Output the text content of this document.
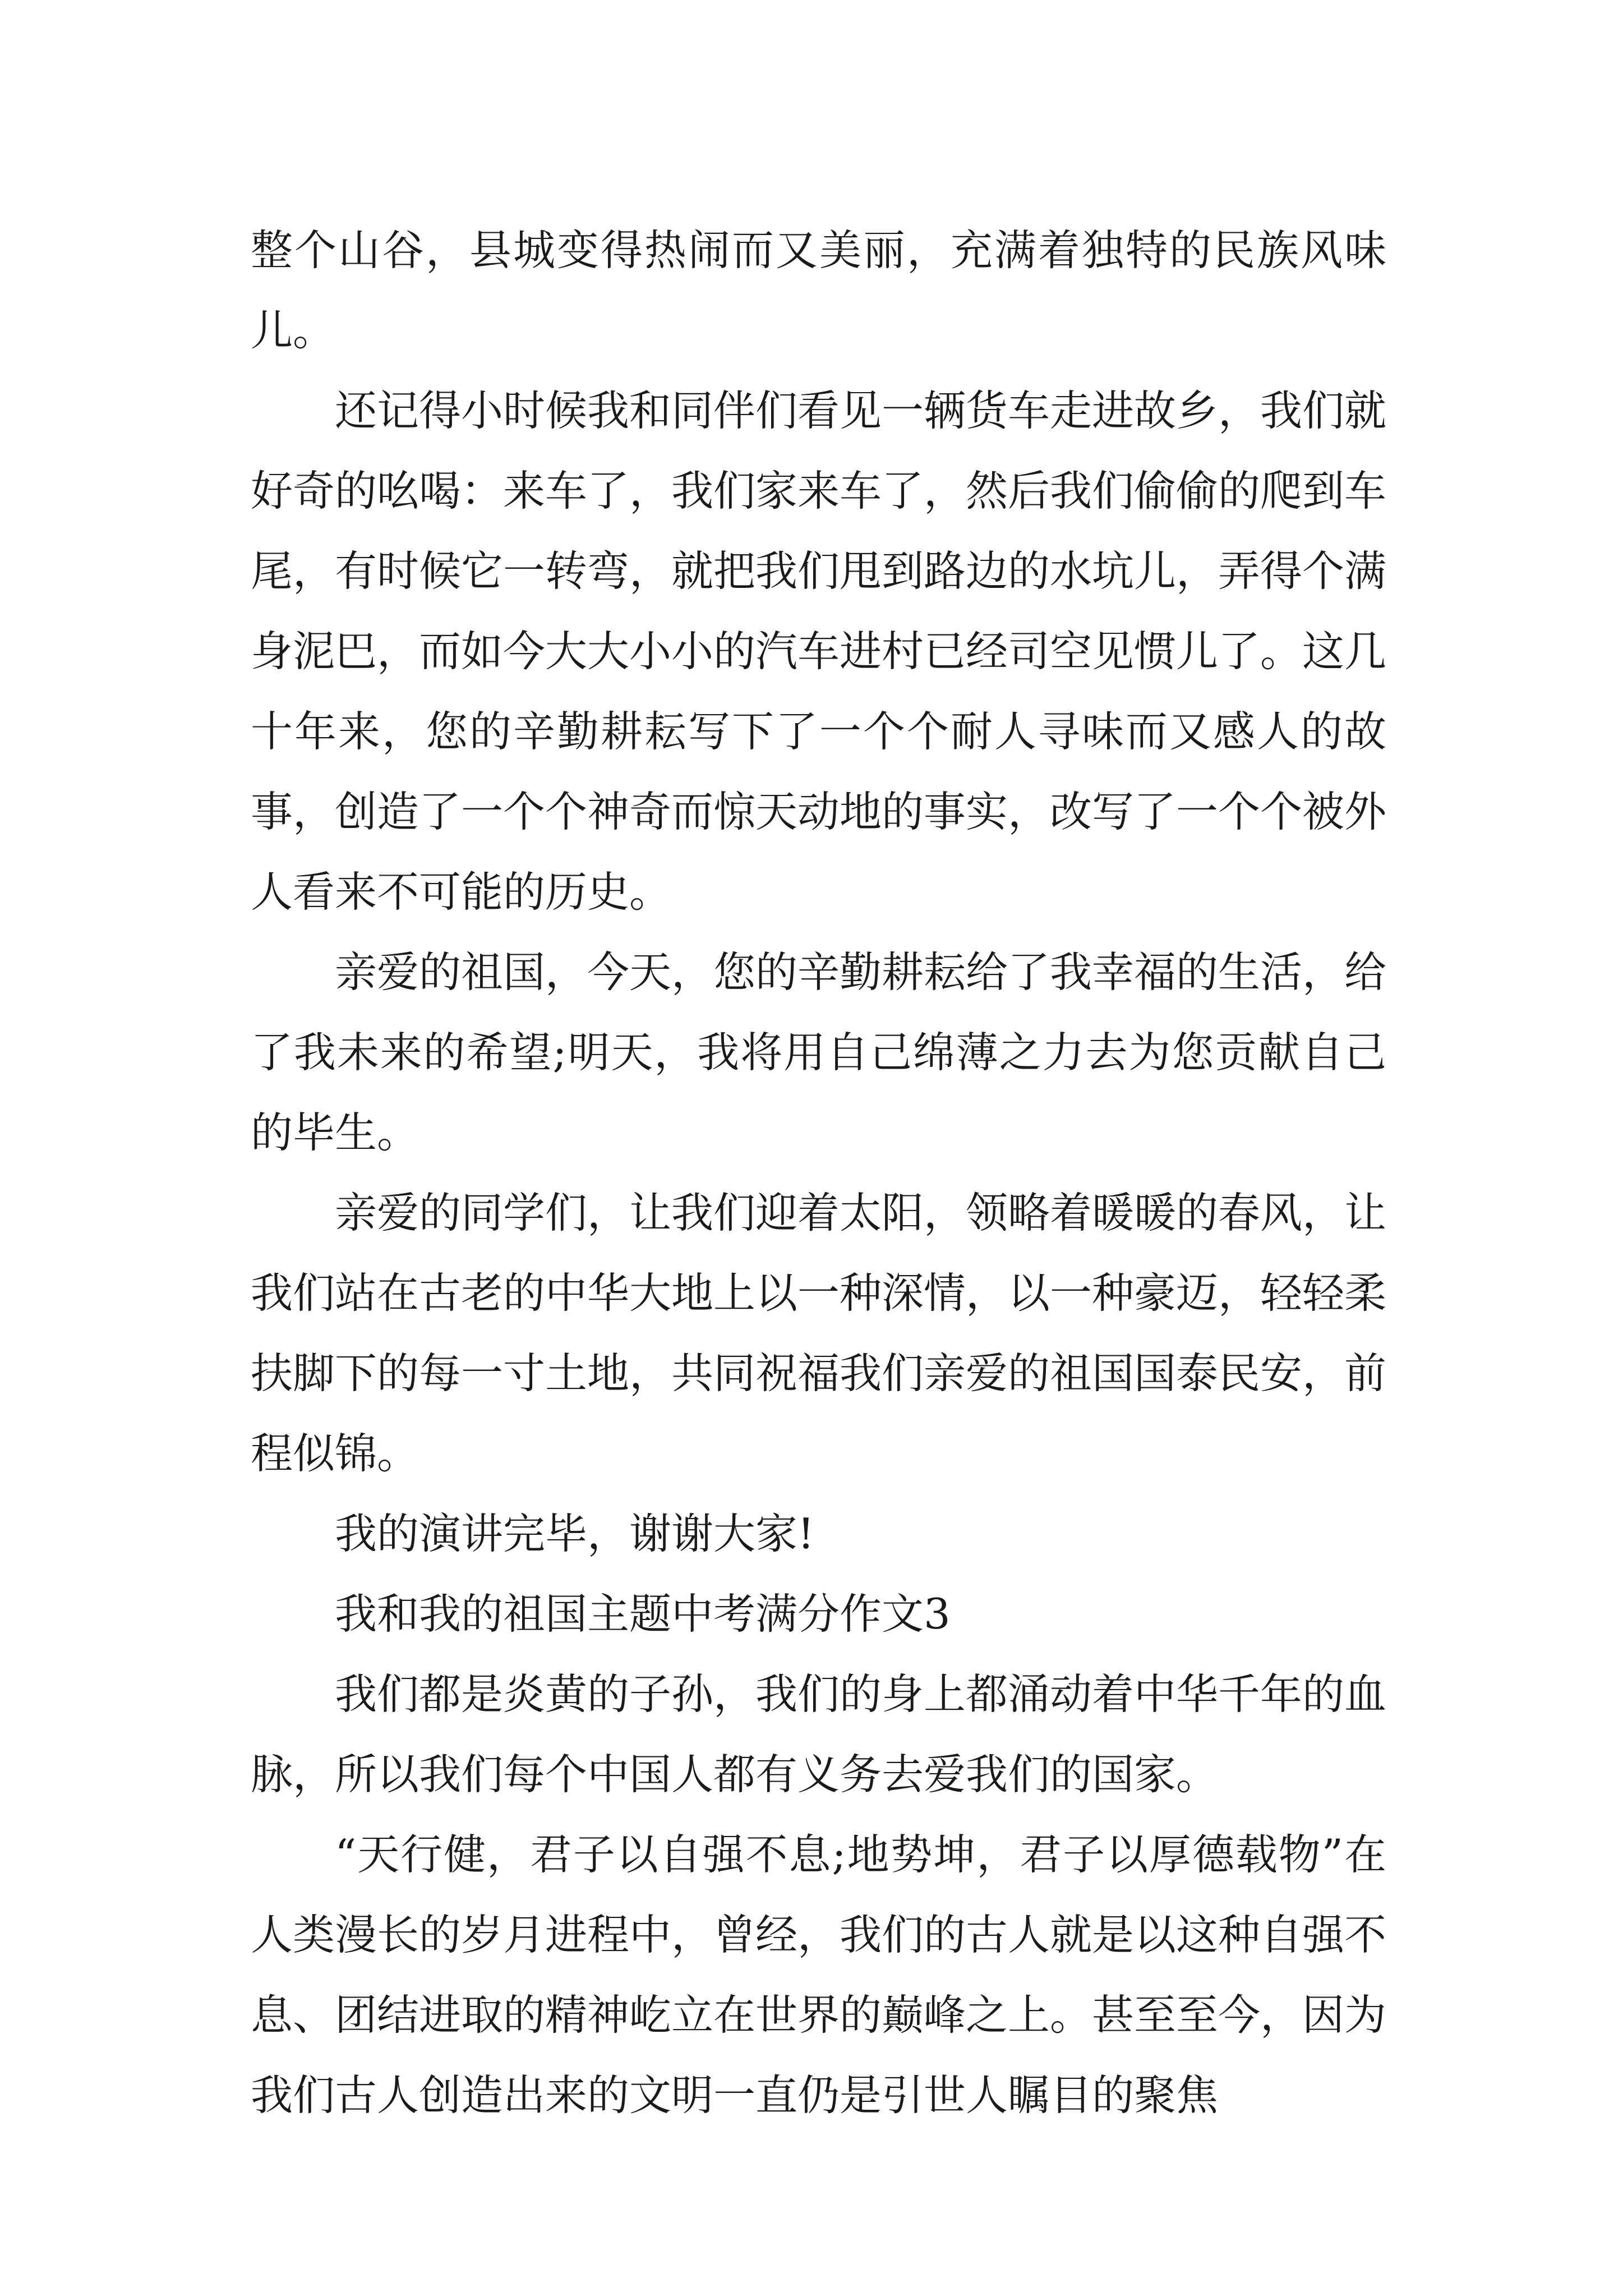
整个山谷，县城变得热闹而又美丽，充满着独特的民族风味儿。

还记得小时候我和同伴们看见一辆货车走进故乡，我们就好奇的吆喝：来车了，我们家来车了，然后我们偷偷的爬到车尾，有时候它一转弯，就把我们甩到路边的水坑儿，弄得个满身泥巴，而如今大大小小的汽车进村已经司空见惯儿了。这几十年来，您的辛勤耕耘写下了一个个耐人寻味而又感人的故事，创造了一个个神奇而惊天动地的事实，改写了一个个被外人看来不可能的历史。

亲爱的祖国，今天，您的辛勤耕耘给了我幸福的生活，给了我未来的希望;明天，我将用自己绵薄之力去为您贡献自己的毕生。

亲爱的同学们，让我们迎着太阳，领略着暖暖的春风，让我们站在古老的中华大地上以一种深情，以一种豪迈，轻轻柔扶脚下的每一寸土地，共同祝福我们亲爱的祖国国泰民安，前程似锦。

我的演讲完毕，谢谢大家!

我和我的祖国主题中考满分作文3

我们都是炎黄的子孙，我们的身上都涌动着中华千年的血脉，所以我们每个中国人都有义务去爱我们的国家。

“天行健，君子以自强不息;地势坤，君子以厚德载物”在人类漫长的岁月进程中，曾经，我们的古人就是以这种自强不息、团结进取的精神屹立在世界的巅峰之上。甚至至今，因为我们古人创造出来的文明一直仍是引世人瞩目的聚焦
